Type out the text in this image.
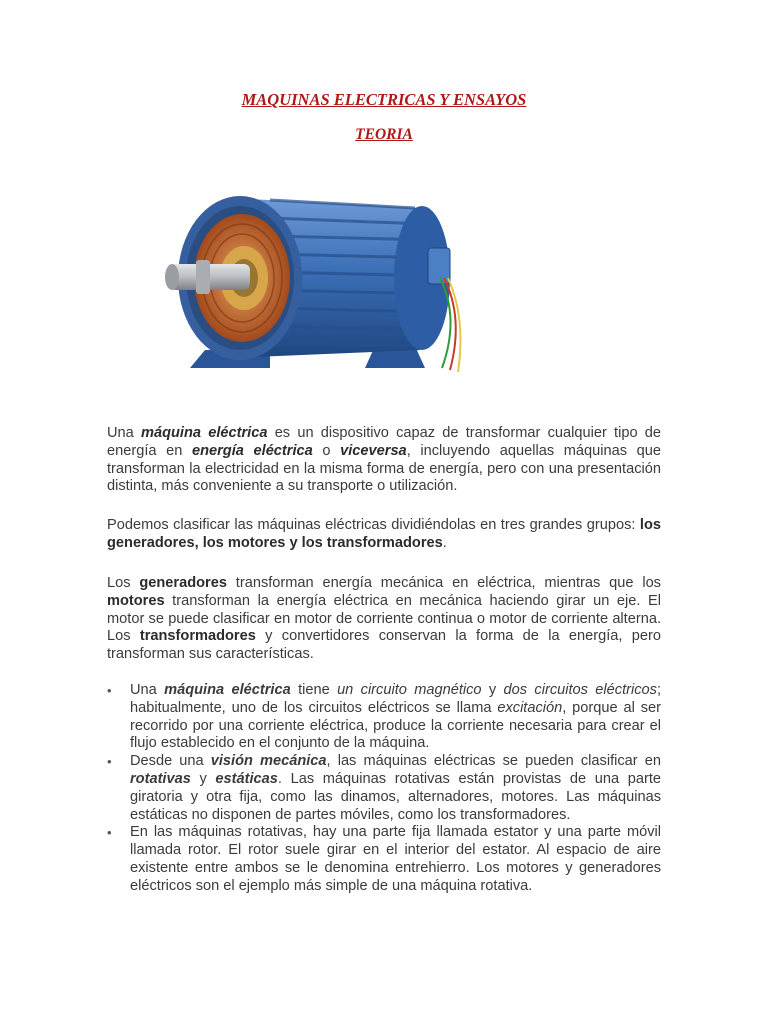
MAQUINAS ELECTRICAS Y ENSAYOS
TEORIA

Una máquina eléctrica es un dispositivo capaz de transformar cualquier tipo de energía en energía eléctrica o viceversa, incluyendo aquellas máquinas que transforman la electricidad en la misma forma de energía, pero con una presentación distinta, más conveniente a su transporte o utilización.

Podemos clasificar las máquinas eléctricas dividiéndolas en tres grandes grupos: los generadores, los motores y los transformadores.

Los generadores transforman energía mecánica en eléctrica, mientras que los motores transforman la energía eléctrica en mecánica haciendo girar un eje. El motor se puede clasificar en motor de corriente continua o motor de corriente alterna. Los transformadores y convertidores conservan la forma de la energía, pero transforman sus características.

• Una máquina eléctrica tiene un circuito magnético y dos circuitos eléctricos; habitualmente, uno de los circuitos eléctricos se llama excitación, porque al ser recorrido por una corriente eléctrica, produce la corriente necesaria para crear el flujo establecido en el conjunto de la máquina.
• Desde una visión mecánica, las máquinas eléctricas se pueden clasificar en rotativas y estáticas. Las máquinas rotativas están provistas de una parte giratoria y otra fija, como las dinamos, alternadores, motores. Las máquinas estáticas no disponen de partes móviles, como los transformadores.
• En las máquinas rotativas, hay una parte fija llamada estator y una parte móvil llamada rotor. El rotor suele girar en el interior del estator. Al espacio de aire existente entre ambos se le denomina entrehierro. Los motores y generadores eléctricos son el ejemplo más simple de una máquina rotativa.
